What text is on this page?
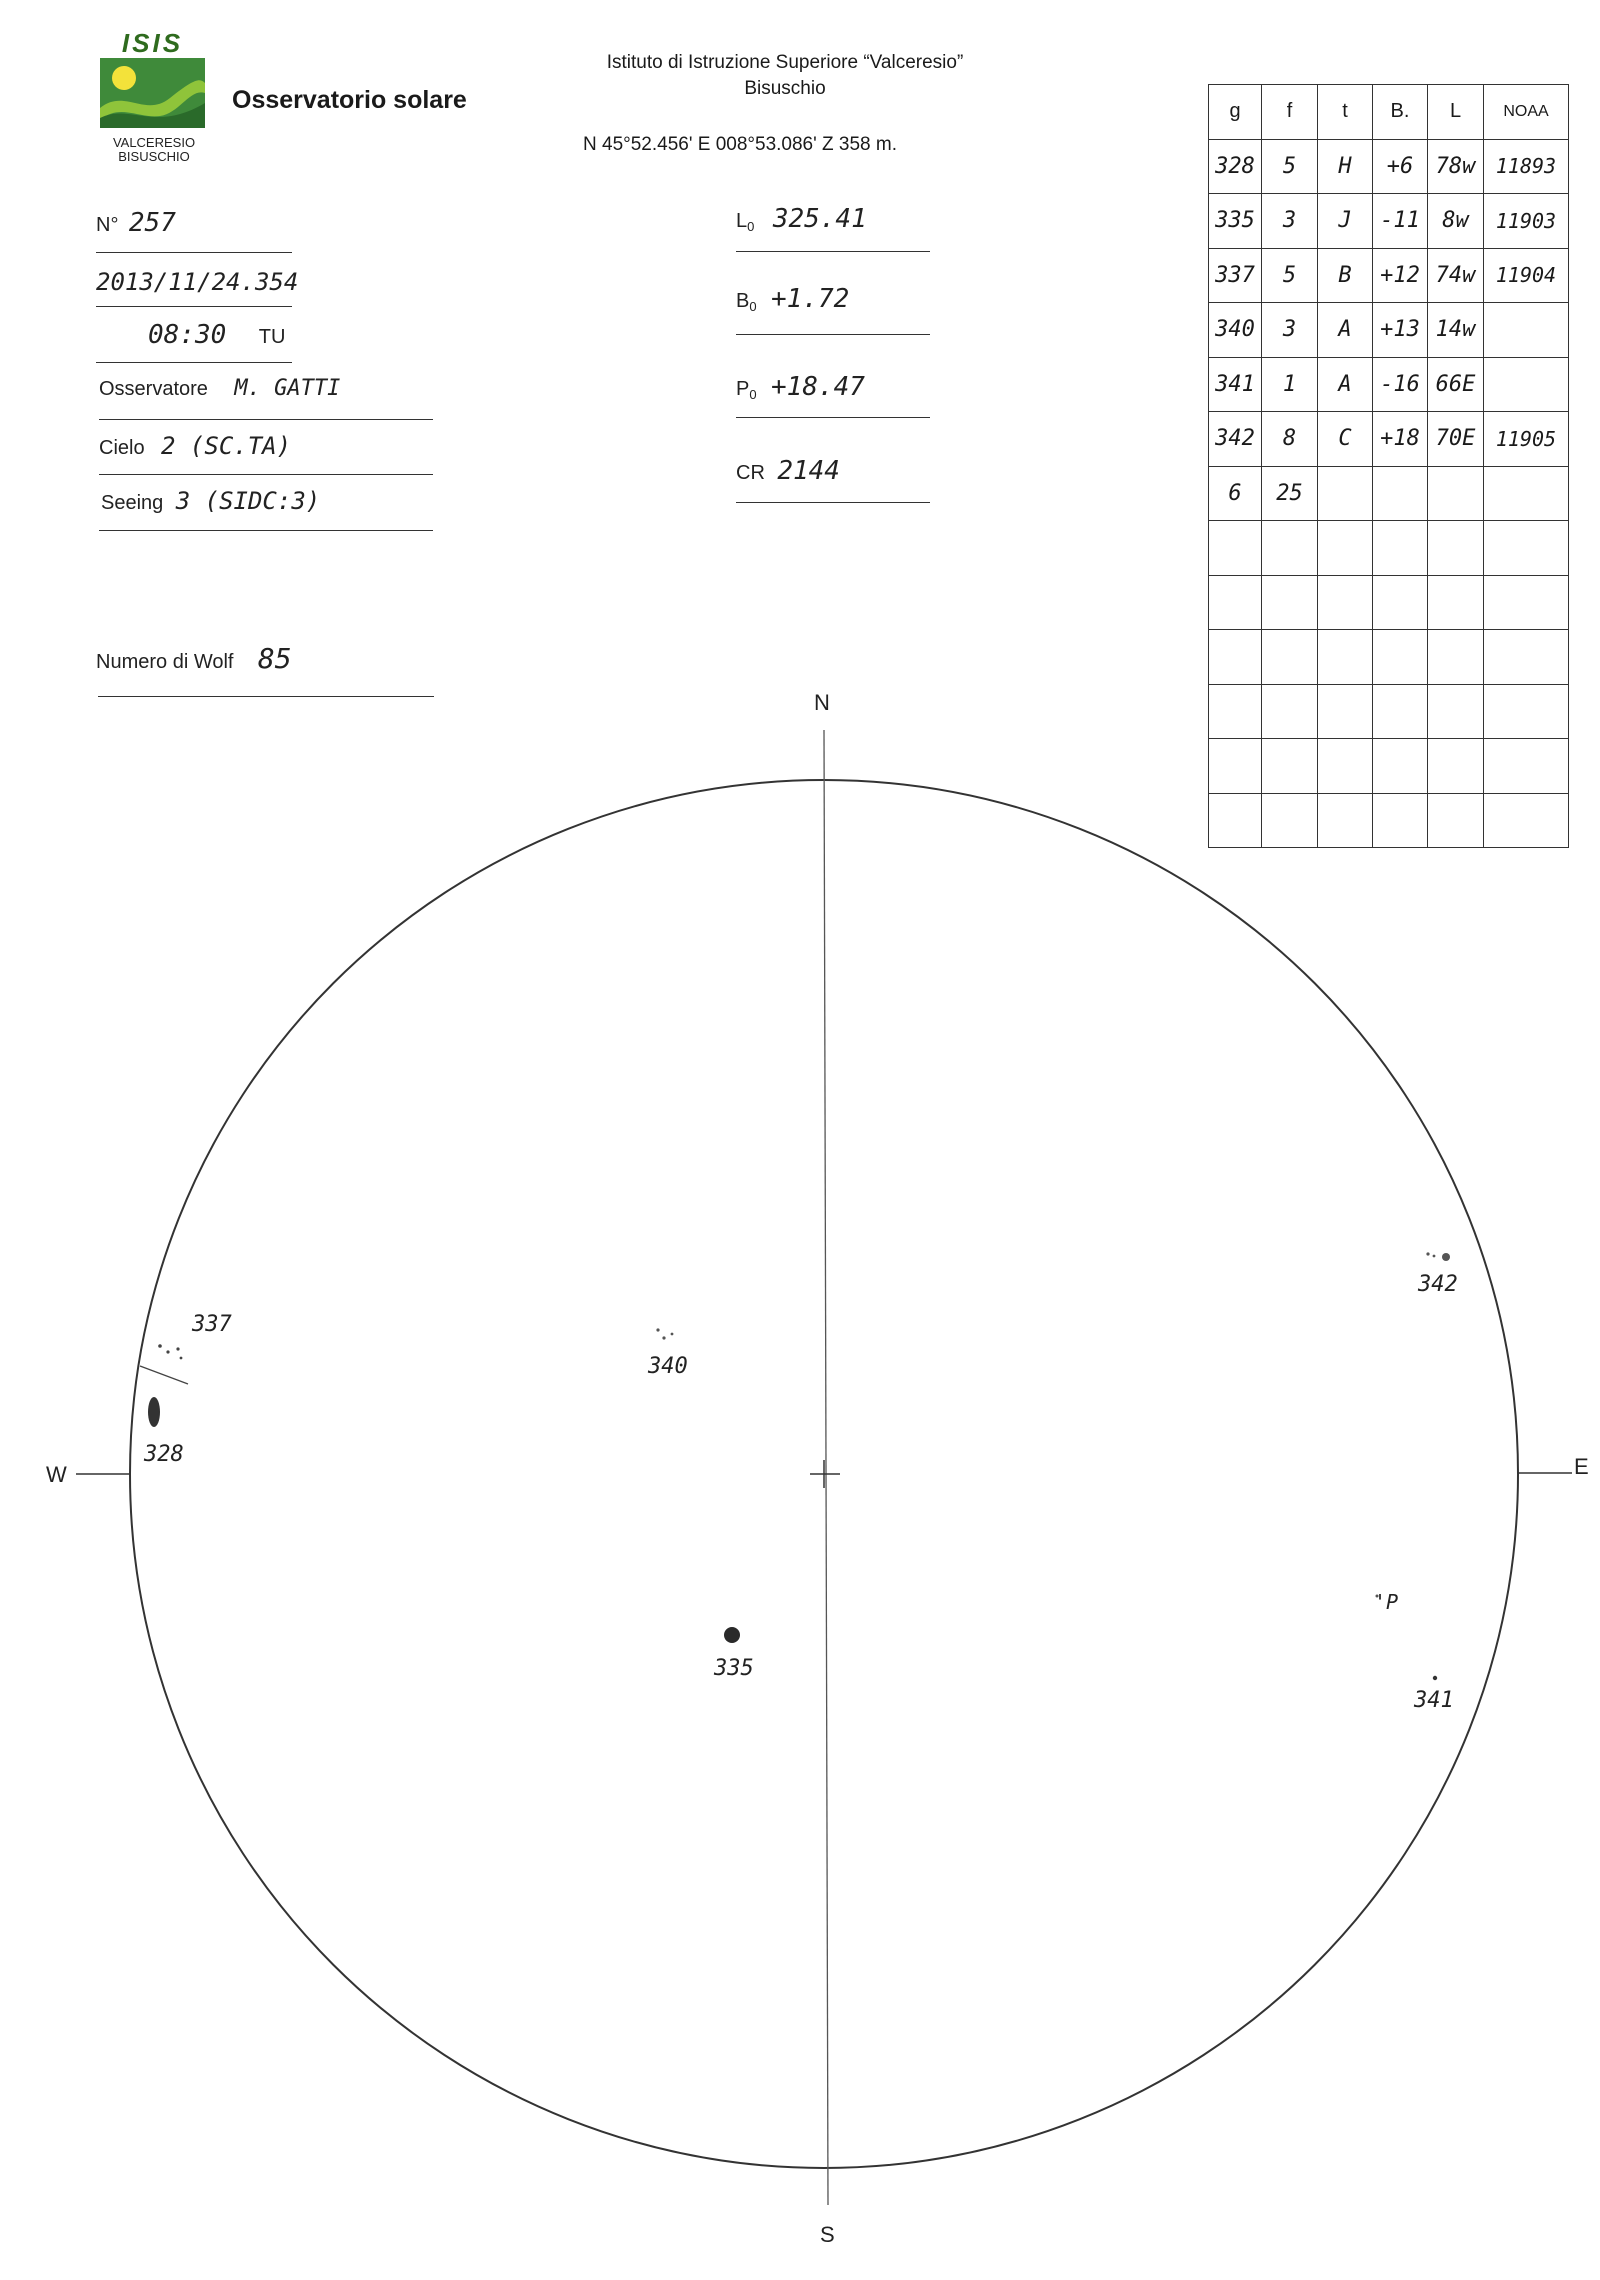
ISIS
VALCERESIO
BISUSCHIO
Osservatorio solare
Istituto di Istruzione Superiore “Valceresio”
Bisuschio
N 45°52.456' E 008°53.086' Z 358 m.
N° 257
2013/11/24.354
08:30 TU
Osservatore M. GATTI
Cielo 2 (SC.TA)
Seeing 3 (SIDC:3)
Numero di Wolf 85
$L_0$ 325.41
$B_0 +1.72$
$P_0 +18.47$
CR 2144
g	f	t	B.	L	NOAA
328	5	H	+6	78w	11893
335	3	J	-11	8w	11903
337	5	B	+12	74w	11904
340	3	A	+13	14w	
341	1	A	-16	66E	
342	8	C	+18	70E	11905
6	25				

N
S
W	E
337
328
340
335
342
341
'P
